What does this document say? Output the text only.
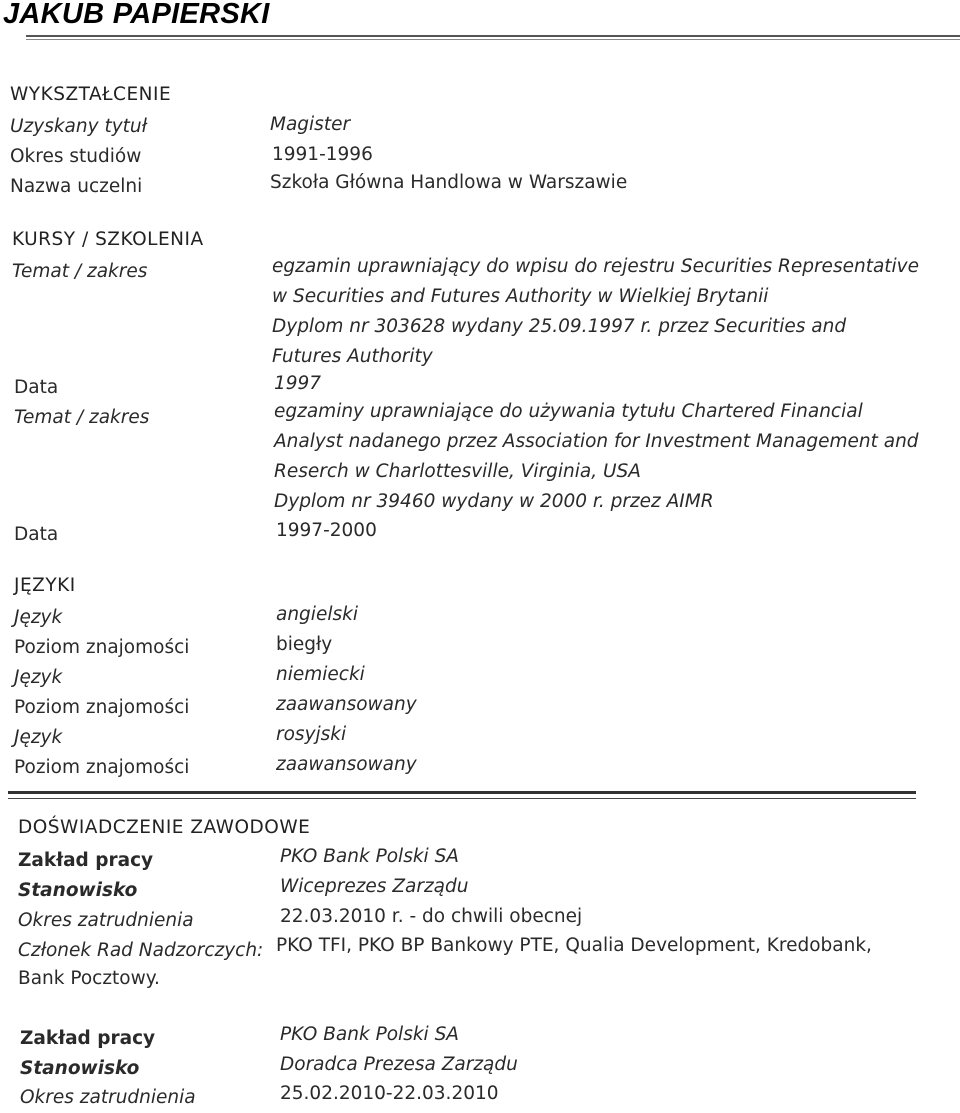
JAKUB PAPIERSKI
WYKSZTAŁCENIE
Uzyskany tytuł	Magister
Okres studiów	1991-1996
Nazwa uczelni	Szkoła Główna Handlowa w Warszawie
KURSY / SZKOLENIA
Temat / zakres	egzamin uprawniający do wpisu do rejestru Securities Representative
w Securities and Futures Authority w Wielkiej Brytanii
Dyplom nr 303628 wydany 25.09.1997 r. przez Securities and
Futures Authority
Data	1997
Temat / zakres	egzaminy uprawniające do używania tytułu Chartered Financial
Analyst nadanego przez Association for Investment Management and
Reserch w Charlottesville, Virginia, USA
Dyplom nr 39460 wydany w 2000 r. przez AIMR
Data	1997-2000
JĘZYKI
Język	angielski
Poziom znajomości	biegły
Język	niemiecki
Poziom znajomości	zaawansowany
Język	rosyjski
Poziom znajomości	zaawansowany
DOŚWIADCZENIE ZAWODOWE
Zakład pracy	PKO Bank Polski SA
Stanowisko	Wiceprezes Zarządu
Okres zatrudnienia	22.03.2010 r. - do chwili obecnej
Członek Rad Nadzorczych: PKO TFI, PKO BP Bankowy PTE, Qualia Development, Kredobank,
Bank Pocztowy.
Zakład pracy	PKO Bank Polski SA
Stanowisko	Doradca Prezesa Zarządu
Okres zatrudnienia	25.02.2010-22.03.2010
